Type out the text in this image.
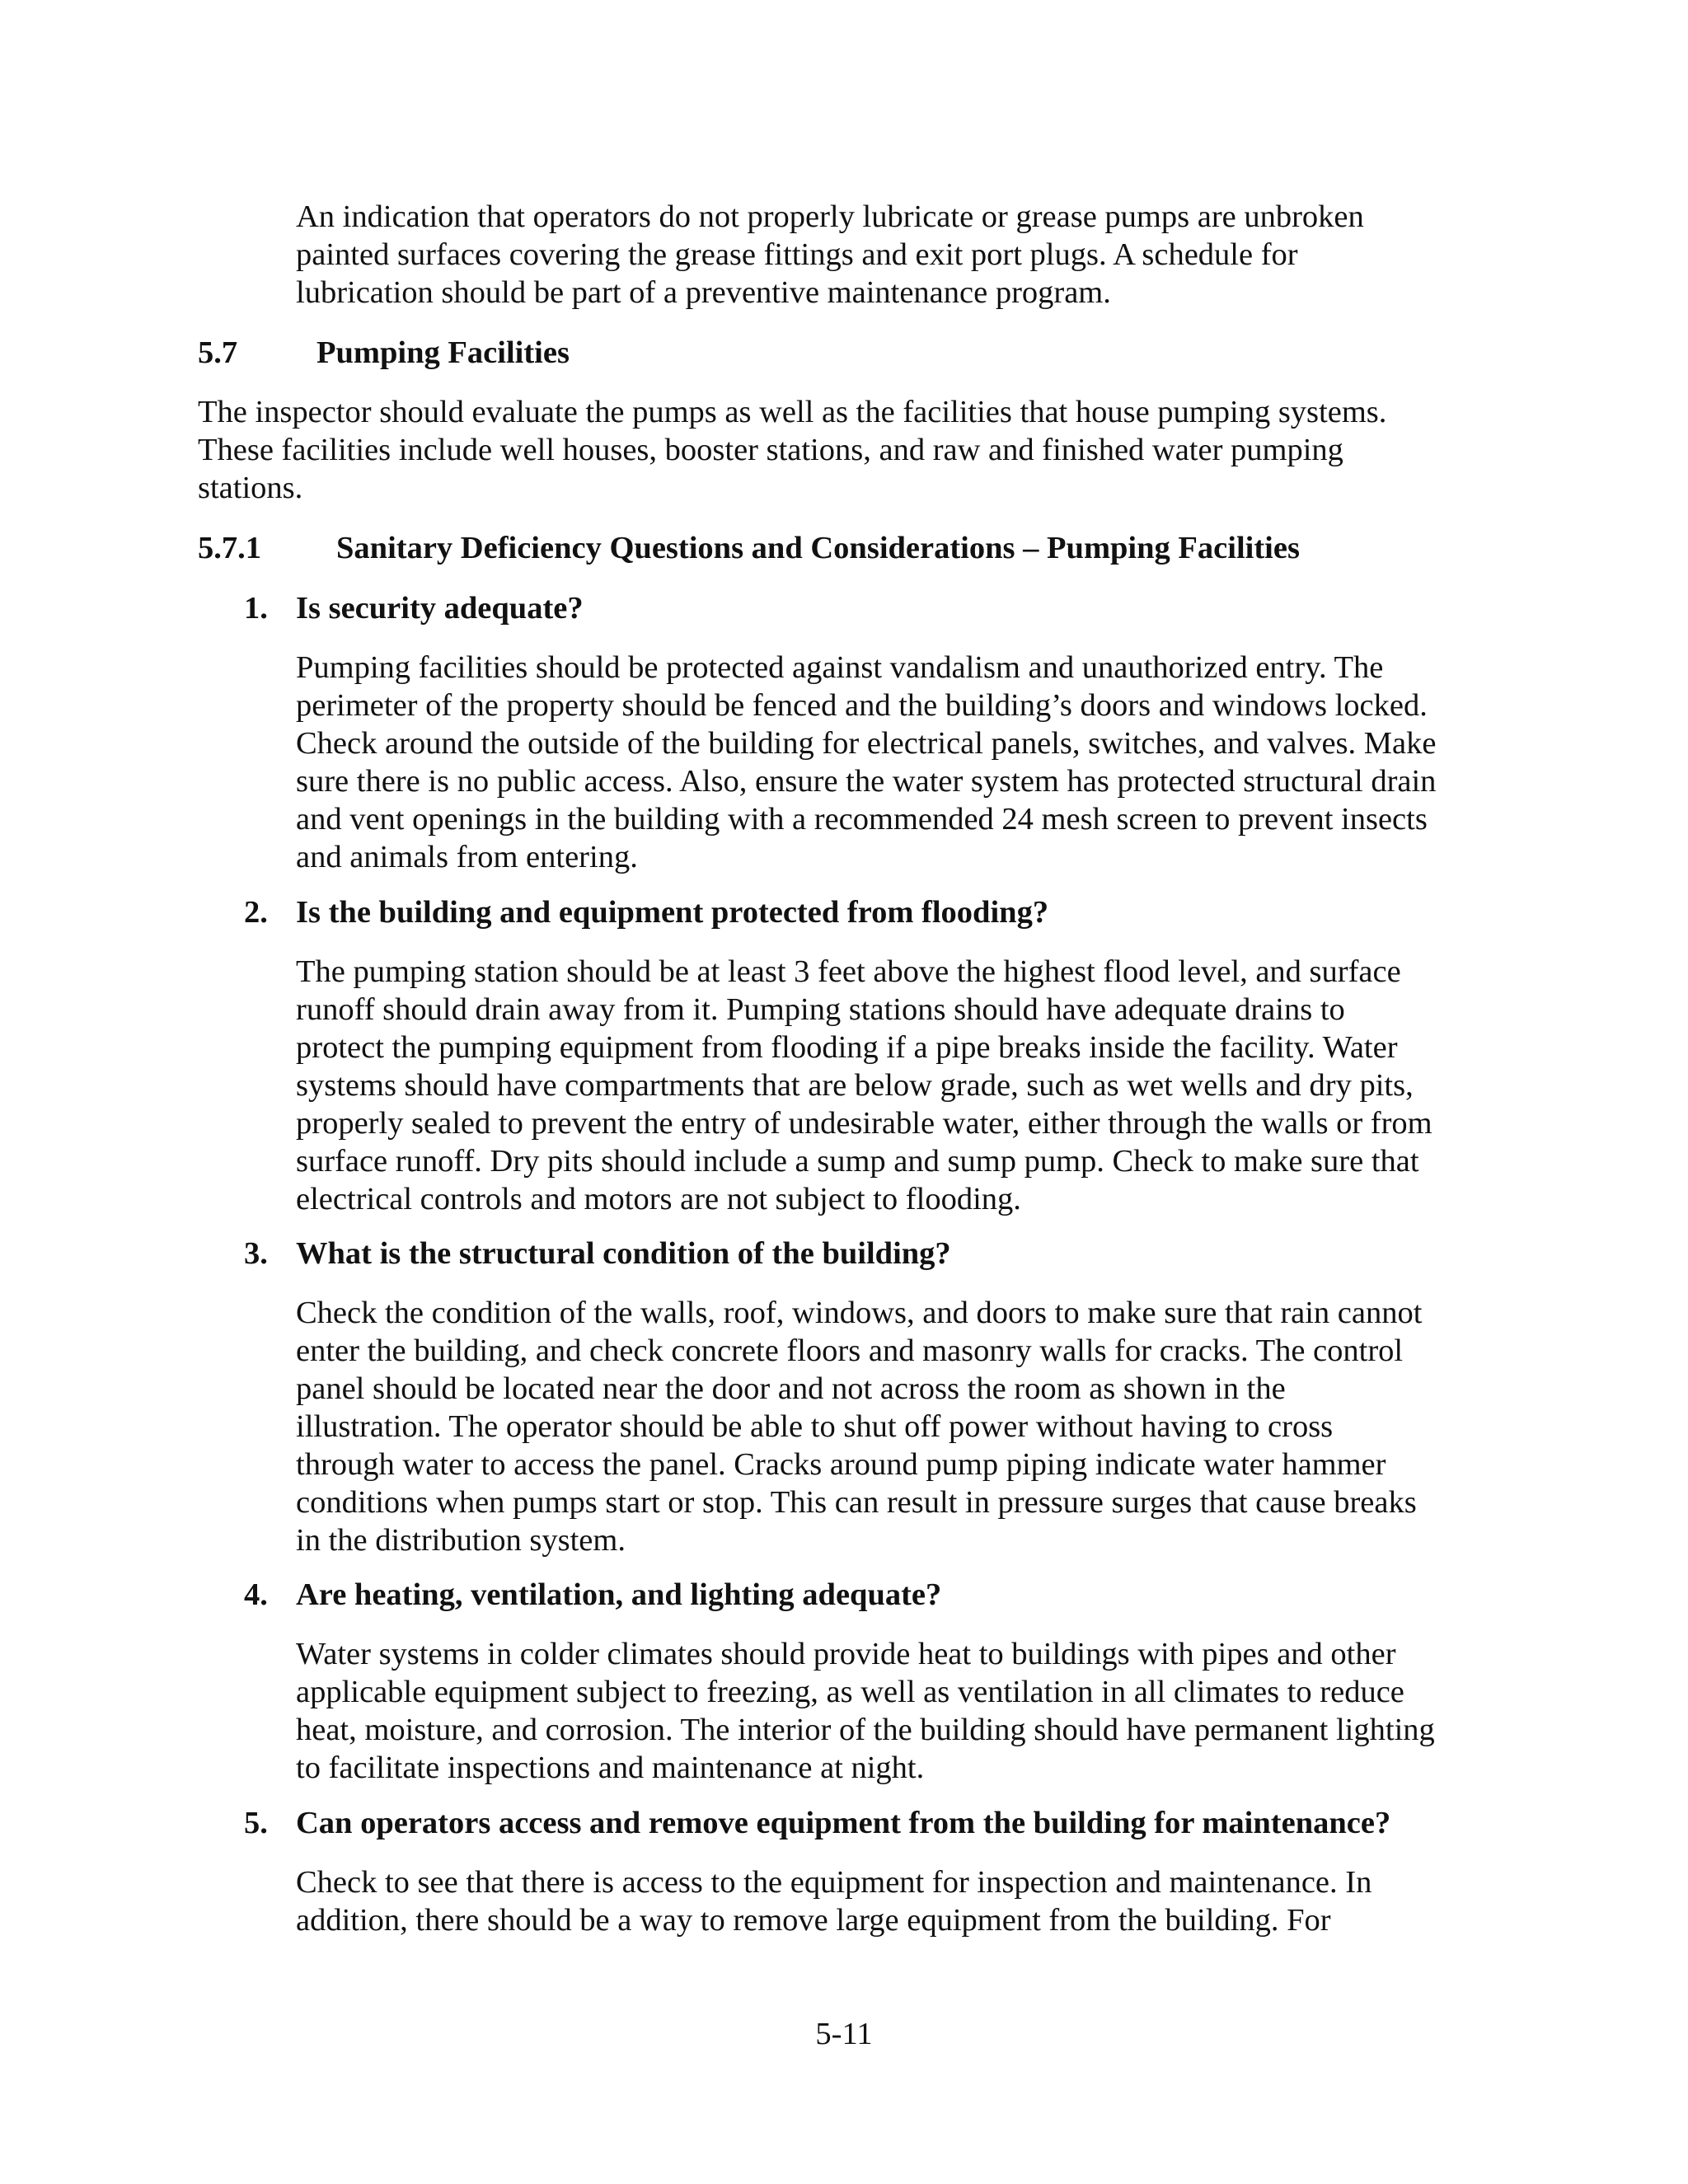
An indication that operators do not properly lubricate or grease pumps are unbroken
painted surfaces covering the grease fittings and exit port plugs. A schedule for
lubrication should be part of a preventive maintenance program.
5.7 Pumping Facilities
The inspector should evaluate the pumps as well as the facilities that house pumping systems.
These facilities include well houses, booster stations, and raw and finished water pumping
stations.
5.7.1 Sanitary Deficiency Questions and Considerations – Pumping Facilities
1. Is security adequate?
Pumping facilities should be protected against vandalism and unauthorized entry. The
perimeter of the property should be fenced and the building’s doors and windows locked.
Check around the outside of the building for electrical panels, switches, and valves. Make
sure there is no public access. Also, ensure the water system has protected structural drain
and vent openings in the building with a recommended 24 mesh screen to prevent insects
and animals from entering.
2. Is the building and equipment protected from flooding?
The pumping station should be at least 3 feet above the highest flood level, and surface
runoff should drain away from it. Pumping stations should have adequate drains to
protect the pumping equipment from flooding if a pipe breaks inside the facility. Water
systems should have compartments that are below grade, such as wet wells and dry pits,
properly sealed to prevent the entry of undesirable water, either through the walls or from
surface runoff. Dry pits should include a sump and sump pump. Check to make sure that
electrical controls and motors are not subject to flooding.
3. What is the structural condition of the building?
Check the condition of the walls, roof, windows, and doors to make sure that rain cannot
enter the building, and check concrete floors and masonry walls for cracks. The control
panel should be located near the door and not across the room as shown in the
illustration. The operator should be able to shut off power without having to cross
through water to access the panel. Cracks around pump piping indicate water hammer
conditions when pumps start or stop. This can result in pressure surges that cause breaks
in the distribution system.
4. Are heating, ventilation, and lighting adequate?
Water systems in colder climates should provide heat to buildings with pipes and other
applicable equipment subject to freezing, as well as ventilation in all climates to reduce
heat, moisture, and corrosion. The interior of the building should have permanent lighting
to facilitate inspections and maintenance at night.
5. Can operators access and remove equipment from the building for maintenance?
Check to see that there is access to the equipment for inspection and maintenance. In
addition, there should be a way to remove large equipment from the building. For
5-11
